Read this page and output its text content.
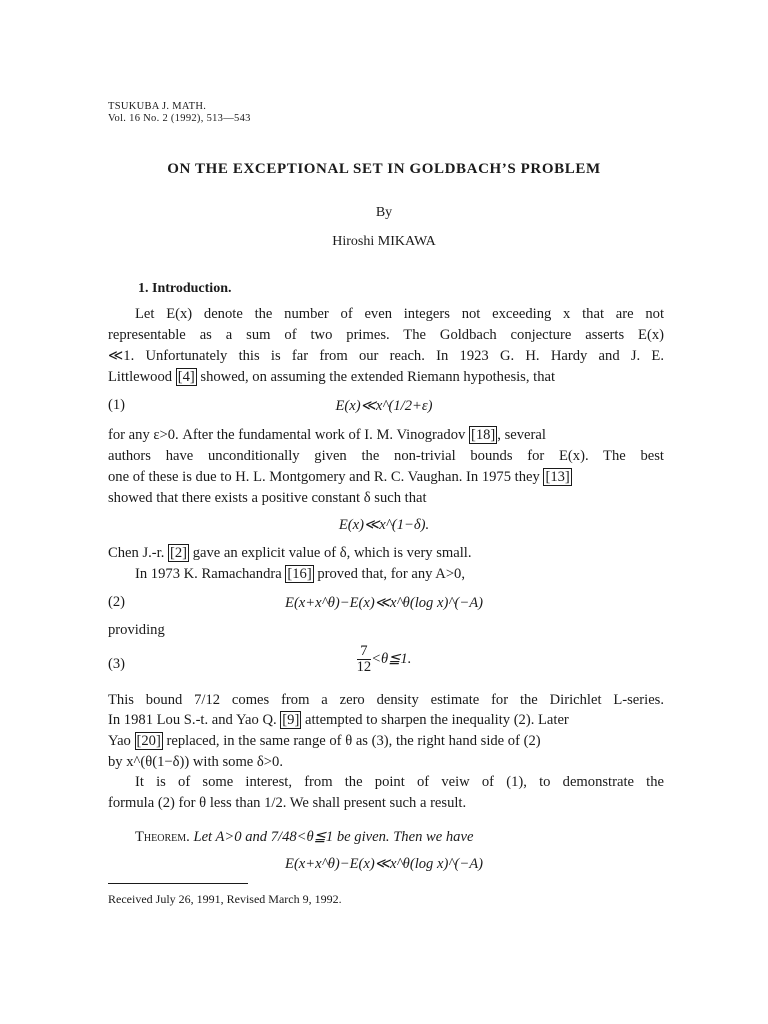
TSUKUBA J. MATH.
Vol. 16 No. 2 (1992), 513—543
ON THE EXCEPTIONAL SET IN GOLDBACH’S PROBLEM
By
Hiroshi MIKAWA
1. Introduction.
Let E(x) denote the number of even integers not exceeding x that are not
representable as a sum of two primes. The Goldbach conjecture asserts E(x)
≪1. Unfortunately this is far from our reach. In 1923 G. H. Hardy and J. E.
Littlewood [4] showed, on assuming the extended Riemann hypothesis, that
(1)	E(x)≪x^(1/2+ε)
for any ε>0. After the fundamental work of I. M. Vinogradov [18] , several
authors have unconditionally given the non-trivial bounds for E(x). The best
one of these is due to H. L. Montgomery and R. C. Vaughan. In 1975 they [13]
showed that there exists a positive constant δ such that
E(x)≪x^(1−δ).
Chen J.-r. [2] gave an explicit value of δ, which is very small.
In 1973 K. Ramachandra [16] proved that, for any A>0,
(2)	E(x+x^θ)−E(x)≪x^θ(log x)^(−A)
providing
(3)	$\frac{7}{12}$ <θ≦1.
This bound 7/12 comes from a zero density estimate for the Dirichlet L-series.
In 1981 Lou S.-t. and Yao Q. [9] attempted to sharpen the inequality (2). Later
Yao [20] replaced, in the same range of θ as (3), the right hand side of (2)
by x^(θ(1−δ)) with some δ>0.
It is of some interest, from the point of veiw of (1), to demonstrate the
formula (2) for θ less than 1/2. We shall present such a result.
Theorem. Let A>0 and 7/48<θ≦1 be given. Then we have
E(x+x^θ)−E(x)≪x^θ(log x)^(−A)
Received July 26, 1991, Revised March 9, 1992.
